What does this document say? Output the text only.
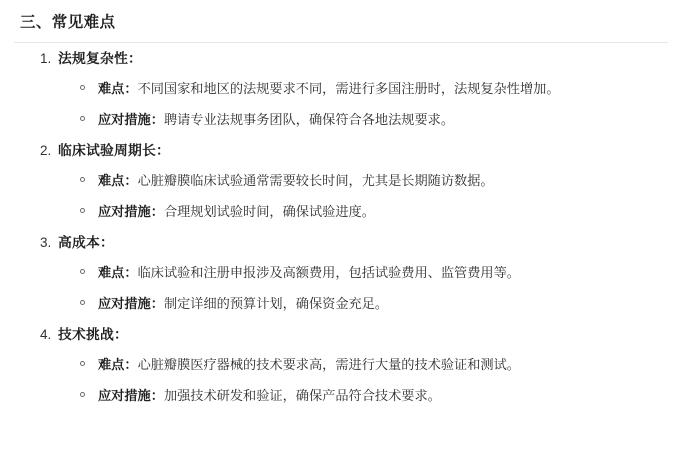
三、常见难点
法规复杂性：
难点：不同国家和地区的法规要求不同，需进行多国注册时，法规复杂性增加。
应对措施：聘请专业法规事务团队，确保符合各地法规要求。
临床试验周期长：
难点：心脏瓣膜临床试验通常需要较长时间，尤其是长期随访数据。
应对措施：合理规划试验时间，确保试验进度。
高成本：
难点：临床试验和注册申报涉及高额费用，包括试验费用、监管费用等。
应对措施：制定详细的预算计划，确保资金充足。
技术挑战：
难点：心脏瓣膜医疗器械的技术要求高，需进行大量的技术验证和测试。
应对措施：加强技术研发和验证，确保产品符合技术要求。
